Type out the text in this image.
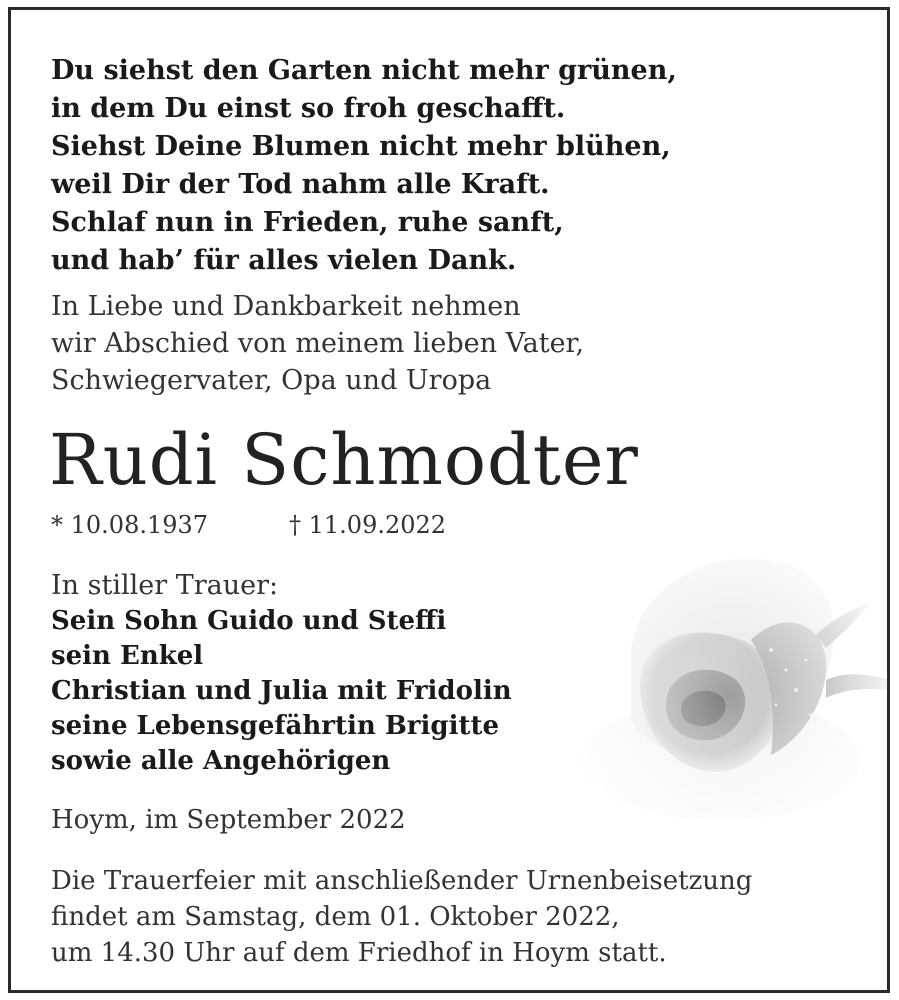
Du siehst den Garten nicht mehr grünen,
in dem Du einst so froh geschafft.
Siehst Deine Blumen nicht mehr blühen,
weil Dir der Tod nahm alle Kraft.
Schlaf nun in Frieden, ruhe sanft,
und hab’ für alles vielen Dank.

In Liebe und Dankbarkeit nehmen
wir Abschied von meinem lieben Vater,
Schwiegervater, Opa und Uropa
Rudi Schmodter
* 10.08.1937	† 11.09.2022
In stiller Trauer:
Sein Sohn Guido und Steffi
sein Enkel
Christian und Julia mit Fridolin
seine Lebensgefährtin Brigitte
sowie alle Angehörigen
Hoym, im September 2022
Die Trauerfeier mit anschließender Urnenbeisetzung
findet am Samstag, dem 01. Oktober 2022,
um 14.30 Uhr auf dem Friedhof in Hoym statt.
